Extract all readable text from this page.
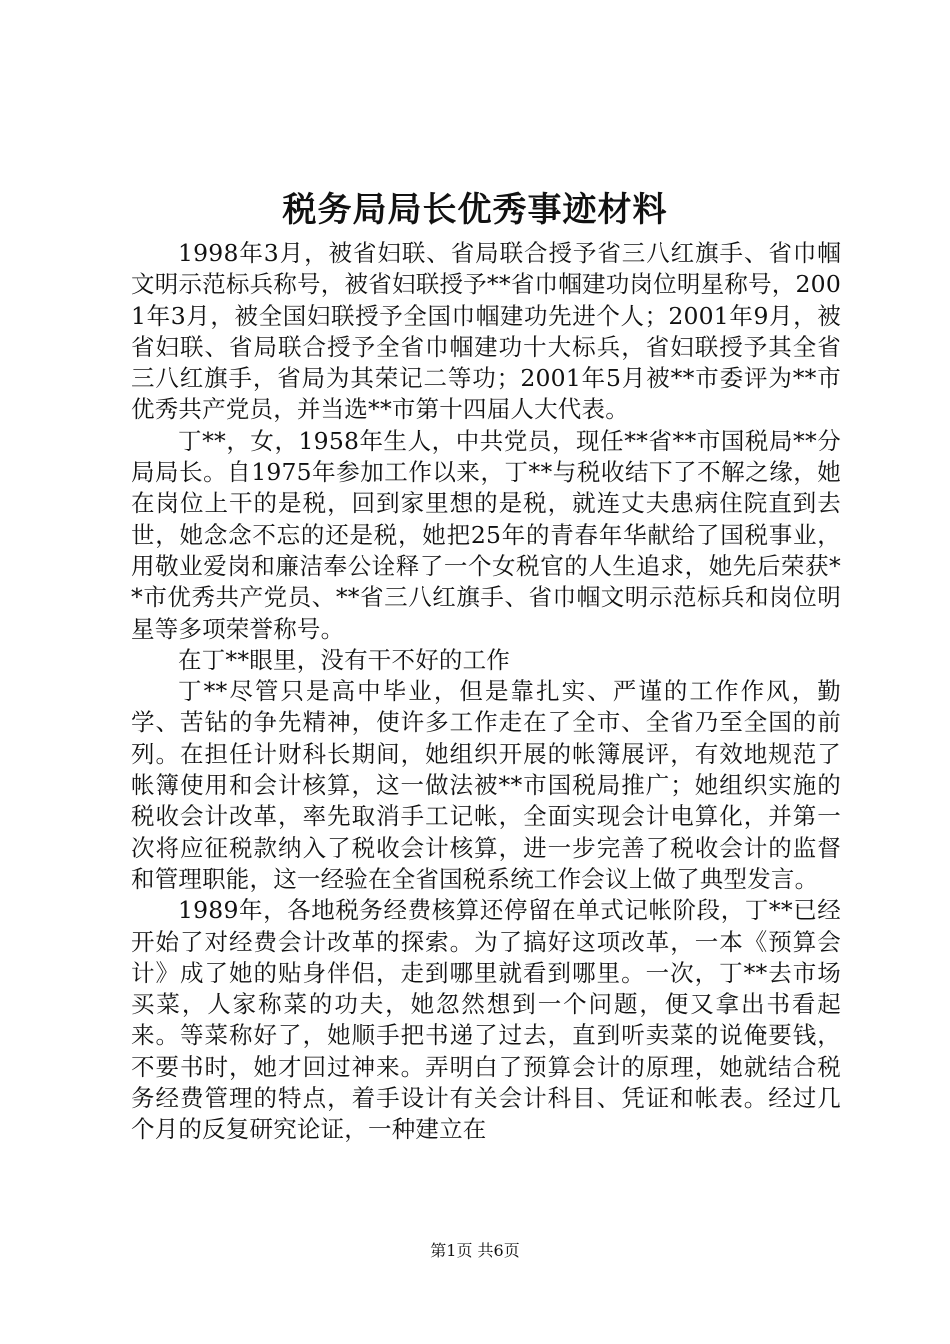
税务局局长优秀事迹材料

1998年3月，被省妇联、省局联合授予省三八红旗手、省巾帼文明示范标兵称号，被省妇联授予**省巾帼建功岗位明星称号，2001年3月，被全国妇联授予全国巾帼建功先进个人；2001年9月，被省妇联、省局联合授予全省巾帼建功十大标兵，省妇联授予其全省三八红旗手，省局为其荣记二等功；2001年5月被**市委评为**市优秀共产党员，并当选**市第十四届人大代表。

丁**，女，1958年生人，中共党员，现任**省**市国税局**分局局长。自1975年参加工作以来，丁**与税收结下了不解之缘，她在岗位上干的是税，回到家里想的是税，就连丈夫患病住院直到去世，她念念不忘的还是税，她把25年的青春年华献给了国税事业，用敬业爱岗和廉洁奉公诠释了一个女税官的人生追求，她先后荣获**市优秀共产党员、**省三八红旗手、省巾帼文明示范标兵和岗位明星等多项荣誉称号。

在丁**眼里，没有干不好的工作

丁**尽管只是高中毕业，但是靠扎实、严谨的工作作风，勤学、苦钻的争先精神，使许多工作走在了全市、全省乃至全国的前列。在担任计财科长期间，她组织开展的帐簿展评，有效地规范了帐簿使用和会计核算，这一做法被**市国税局推广；她组织实施的税收会计改革，率先取消手工记帐，全面实现会计电算化，并第一次将应征税款纳入了税收会计核算，进一步完善了税收会计的监督和管理职能，这一经验在全省国税系统工作会议上做了典型发言。

1989年，各地税务经费核算还停留在单式记帐阶段，丁**已经开始了对经费会计改革的探索。为了搞好这项改革，一本《预算会计》成了她的贴身伴侣，走到哪里就看到哪里。一次，丁**去市场买菜，人家称菜的功夫，她忽然想到一个问题，便又拿出书看起来。等菜称好了，她顺手把书递了过去，直到听卖菜的说俺要钱，不要书时，她才回过神来。弄明白了预算会计的原理，她就结合税务经费管理的特点，着手设计有关会计科目、凭证和帐表。经过几个月的反复研究论证，一种建立在

第1页 共6页
